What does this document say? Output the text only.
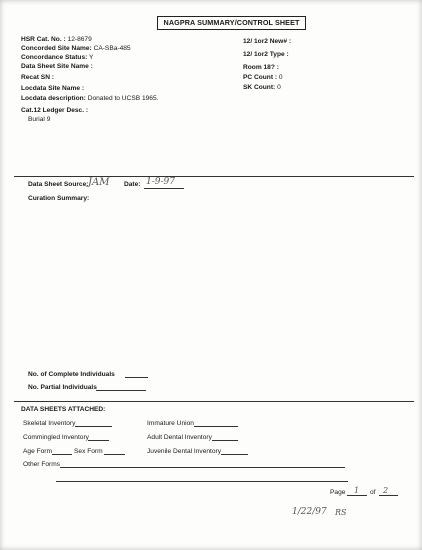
NAGPRA SUMMARY/CONTROL SHEET
HSR Cat. No. : 12-8679
Concorded Site Name: CA-SBa-485
Concordance Status: Y
Data Sheet Site Name :
Recat SN :
Locdata Site Name :
Locdata description: Donated to UCSB 1965.
12/ 1or2 New# :
12/ 1or2 Type :
Room 18? :
PC Count : 0
SK Count: 0
Cat.12 Ledger Desc. :
Burial 9
Data Sheet Source: JAM Date: 1-9-97
Curation Summary:
No. of Complete Individuals
No. Partial Individuals
DATA SHEETS ATTACHED:
Skeletal Inventory	Immature Union
Commingled Inventory	Adult Dental Inventory
Age Form	Sex Form	Juvenile Dental Inventory
Other Forms
Page 1 of 2
1/22/97 RS
